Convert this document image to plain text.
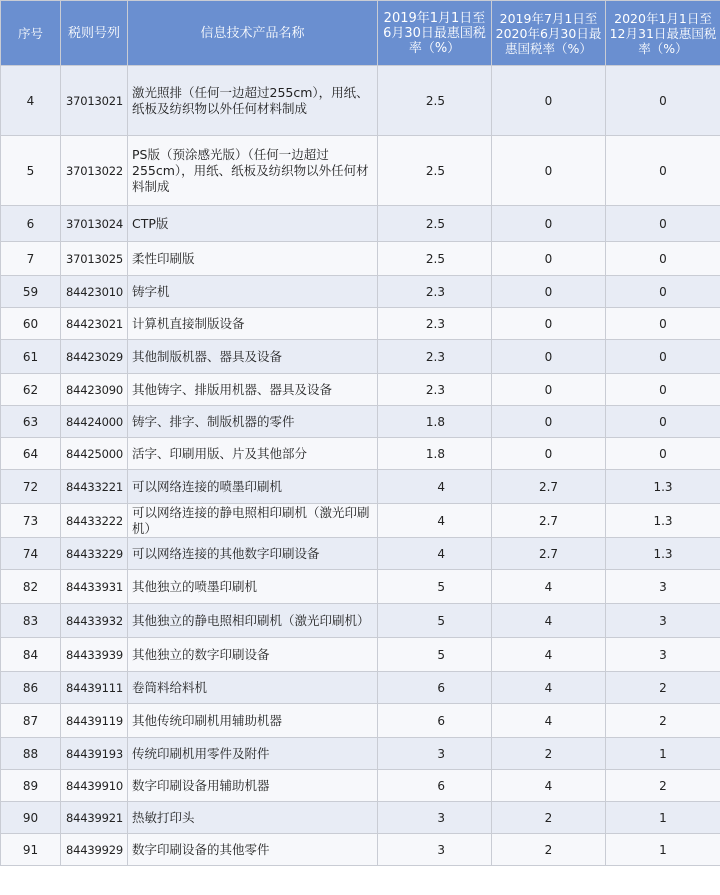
序号	税则号列	信息技术产品名称	2019年1月1日至6月30日最惠国税率（%）	2019年7月1日至2020年6月30日最惠国税率（%）	2020年1月1日至12月31日最惠国税率（%）
4	37013021	激光照排（任何一边超过255cm），用纸、纸板及纺织物以外任何材料制成	2.5	0	0
5	37013022	PS版（预涂感光版）（任何一边超过255cm），用纸、纸板及纺织物以外任何材料制成	2.5	0	0
6	37013024	CTP版	2.5	0	0
7	37013025	柔性印刷版	2.5	0	0
59	84423010	铸字机	2.3	0	0
60	84423021	计算机直接制版设备	2.3	0	0
61	84423029	其他制版机器、器具及设备	2.3	0	0
62	84423090	其他铸字、排版用机器、器具及设备	2.3	0	0
63	84424000	铸字、排字、制版机器的零件	1.8	0	0
64	84425000	活字、印刷用版、片及其他部分	1.8	0	0
72	84433221	可以网络连接的喷墨印刷机	4	2.7	1.3
73	84433222	可以网络连接的静电照相印刷机（激光印刷机）	4	2.7	1.3
74	84433229	可以网络连接的其他数字印刷设备	4	2.7	1.3
82	84433931	其他独立的喷墨印刷机	5	4	3
83	84433932	其他独立的静电照相印刷机（激光印刷机）	5	4	3
84	84433939	其他独立的数字印刷设备	5	4	3
86	84439111	卷筒料给料机	6	4	2
87	84439119	其他传统印刷机用辅助机器	6	4	2
88	84439193	传统印刷机用零件及附件	3	2	1
89	84439910	数字印刷设备用辅助机器	6	4	2
90	84439921	热敏打印头	3	2	1
91	84439929	数字印刷设备的其他零件	3	2	1
